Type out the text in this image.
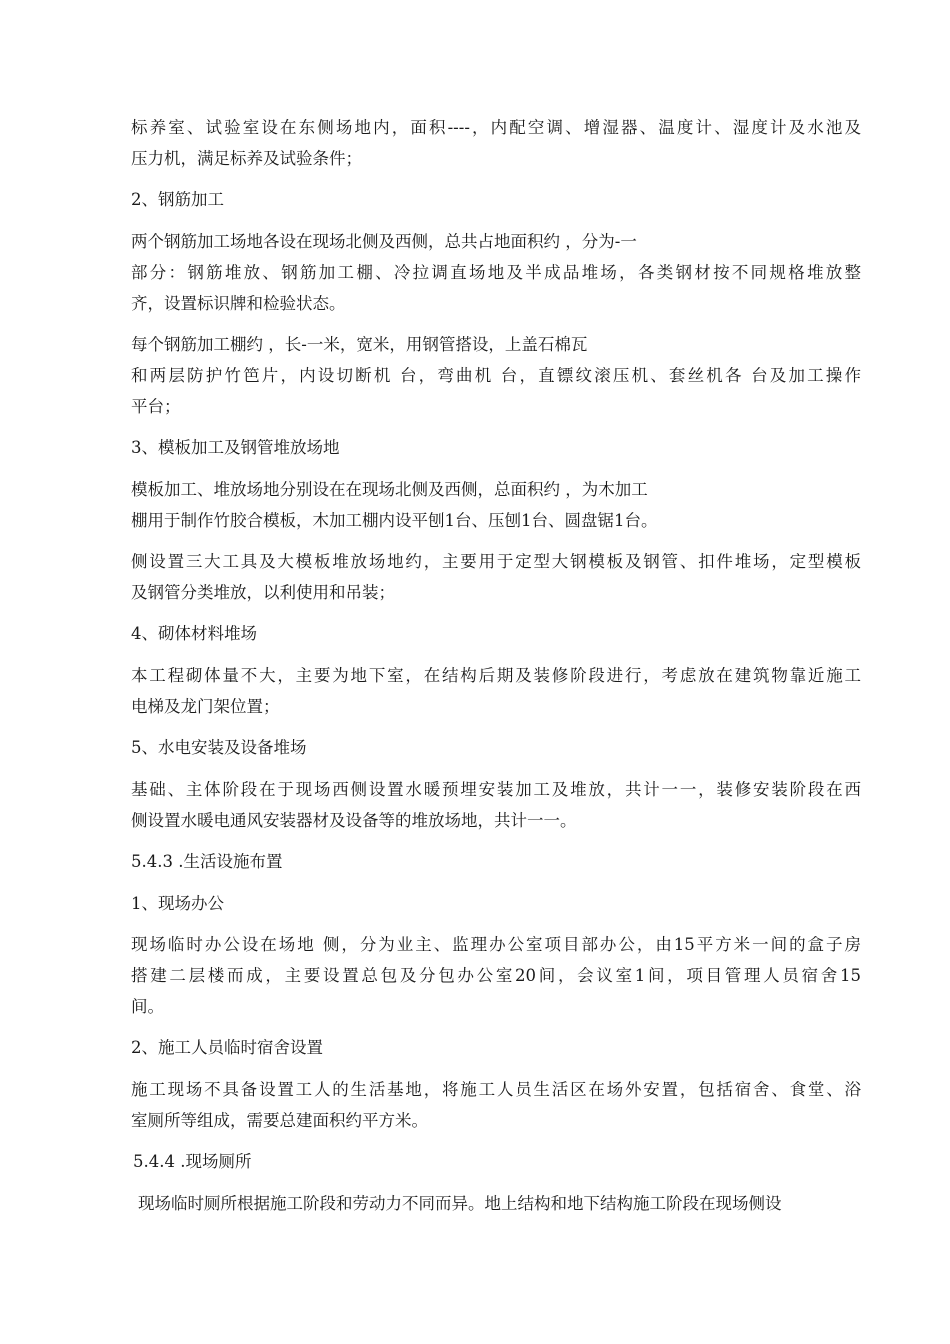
标养室、试验室设在东侧场地内，面积----，内配空调、增湿器、温度计、湿度计及水池及
压力机，满足标养及试验条件；
2、钢筋加工
两个钢筋加工场地各设在现场北侧及西侧，总共占地面积约 ，分为-一
部分：钢筋堆放、钢筋加工棚、冷拉调直场地及半成品堆场，各类钢材按不同规格堆放整
齐，设置标识牌和检验状态。
每个钢筋加工棚约 ，长-一米，宽米，用钢管搭设，上盖石棉瓦
和两层防护竹笆片，内设切断机 台，弯曲机 台，直镖纹滚压机、套丝机各 台及加工操作
平台；
3、模板加工及钢管堆放场地
模板加工、堆放场地分别设在在现场北侧及西侧，总面积约 ，为木加工
棚用于制作竹胶合模板，木加工棚内设平刨1台、压刨1台、圆盘锯1台。
侧设置三大工具及大模板堆放场地约，主要用于定型大钢模板及钢管、扣件堆场，定型模板
及钢管分类堆放，以利使用和吊装；
4、砌体材料堆场
本工程砌体量不大，主要为地下室，在结构后期及装修阶段进行，考虑放在建筑物靠近施工
电梯及龙门架位置；
5、水电安装及设备堆场
基础、主体阶段在于现场西侧设置水暖预埋安装加工及堆放，共计一一，装修安装阶段在西
侧设置水暖电通风安装器材及设备等的堆放场地，共计一一。
5.4.3 .生活设施布置
1、现场办公
现场临时办公设在场地 侧，分为业主、监理办公室项目部办公，由15平方米一间的盒子房
搭建二层楼而成，主要设置总包及分包办公室20间，会议室1间，项目管理人员宿舍15
间。
2、施工人员临时宿舍设置
施工现场不具备设置工人的生活基地，将施工人员生活区在场外安置，包括宿舍、食堂、浴
室厕所等组成，需要总建面积约平方米。
5.4.4 .现场厕所
现场临时厕所根据施工阶段和劳动力不同而异。地上结构和地下结构施工阶段在现场侧设
